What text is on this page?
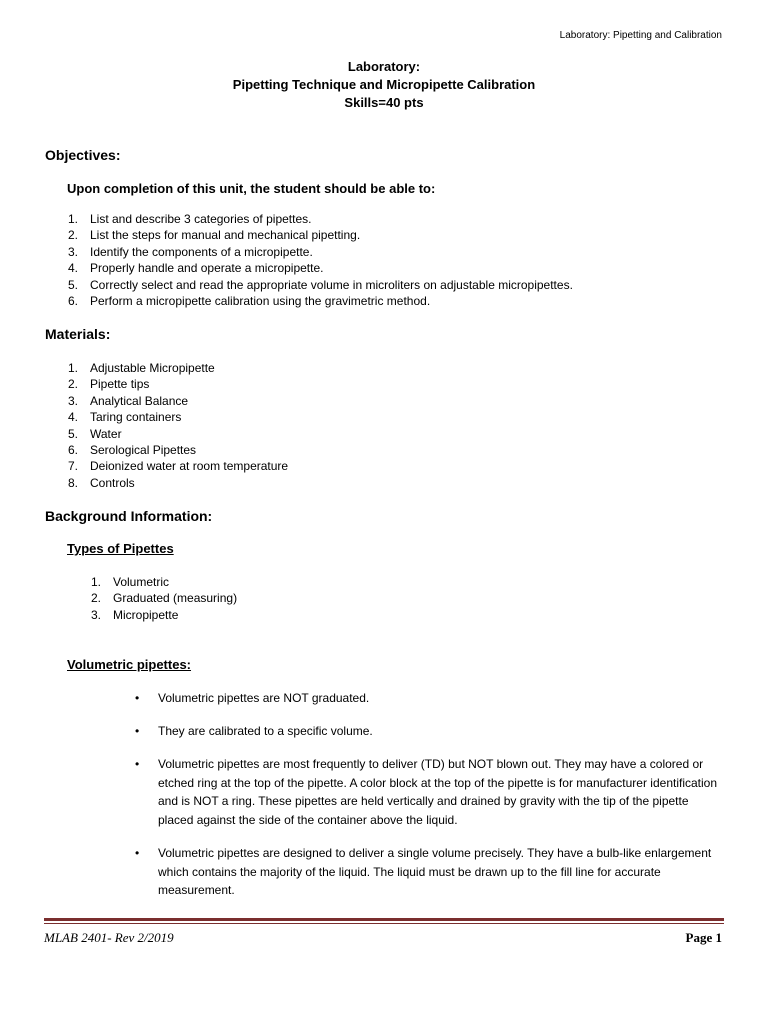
Laboratory: Pipetting and Calibration
Laboratory:
Pipetting Technique and Micropipette Calibration
Skills=40 pts
Objectives:
Upon completion of this unit, the student should be able to:
1. List and describe 3 categories of pipettes.
2. List the steps for manual and mechanical pipetting.
3. Identify the components of a micropipette.
4. Properly handle and operate a micropipette.
5. Correctly select and read the appropriate volume in microliters on adjustable micropipettes.
6. Perform a micropipette calibration using the gravimetric method.
Materials:
1. Adjustable Micropipette
2. Pipette tips
3. Analytical Balance
4. Taring containers
5. Water
6. Serological Pipettes
7. Deionized water at room temperature
8. Controls
Background Information:
Types of Pipettes
1. Volumetric
2. Graduated (measuring)
3. Micropipette
Volumetric pipettes:
• Volumetric pipettes are NOT graduated.
• They are calibrated to a specific volume.
• Volumetric pipettes are most frequently to deliver (TD) but NOT blown out. They may have a colored or etched ring at the top of the pipette. A color block at the top of the pipette is for manufacturer identification and is NOT a ring. These pipettes are held vertically and drained by gravity with the tip of the pipette placed against the side of the container above the liquid.
• Volumetric pipettes are designed to deliver a single volume precisely. They have a bulb-like enlargement which contains the majority of the liquid. The liquid must be drawn up to the fill line for accurate measurement.
MLAB 2401- Rev 2/2019	Page 1
